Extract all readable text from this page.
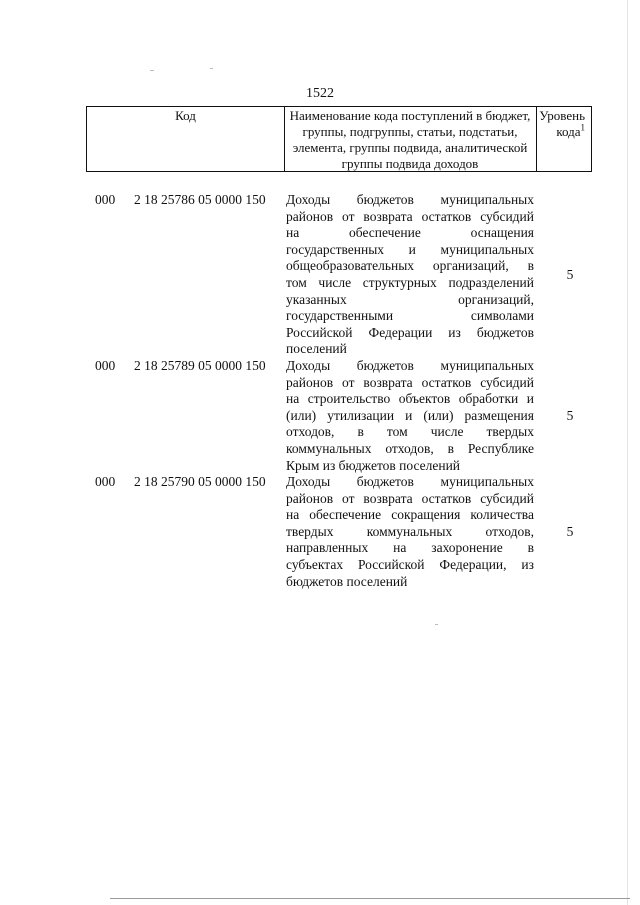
1522
Код	Наименование кода поступлений в бюджет, группы, подгруппы, статьи, подстатьи, элемента, группы подвида, аналитической группы подвида доходов
Уровень кода$^1$
000	2 18 25786 05 0000 150	Доходы бюджетов муниципальных
районов от возврата остатков субсидий
на обеспечение оснащения
государственных и муниципальных
общеобразовательных организаций, в
том числе структурных подразделений
указанных организаций,
государственными символами
Российской Федерации из бюджетов
поселений
5
000	2 18 25789 05 0000 150	Доходы бюджетов муниципальных
районов от возврата остатков субсидий
на строительство объектов обработки и
(или) утилизации и (или) размещения
отходов, в том числе твердых
коммунальных отходов, в Республике
Крым из бюджетов поселений
5
000	2 18 25790 05 0000 150	Доходы бюджетов муниципальных
районов от возврата остатков субсидий
на обеспечение сокращения количества
твердых коммунальных отходов,
направленных на захоронение в
субъектах Российской Федерации, из
бюджетов поселений
5
